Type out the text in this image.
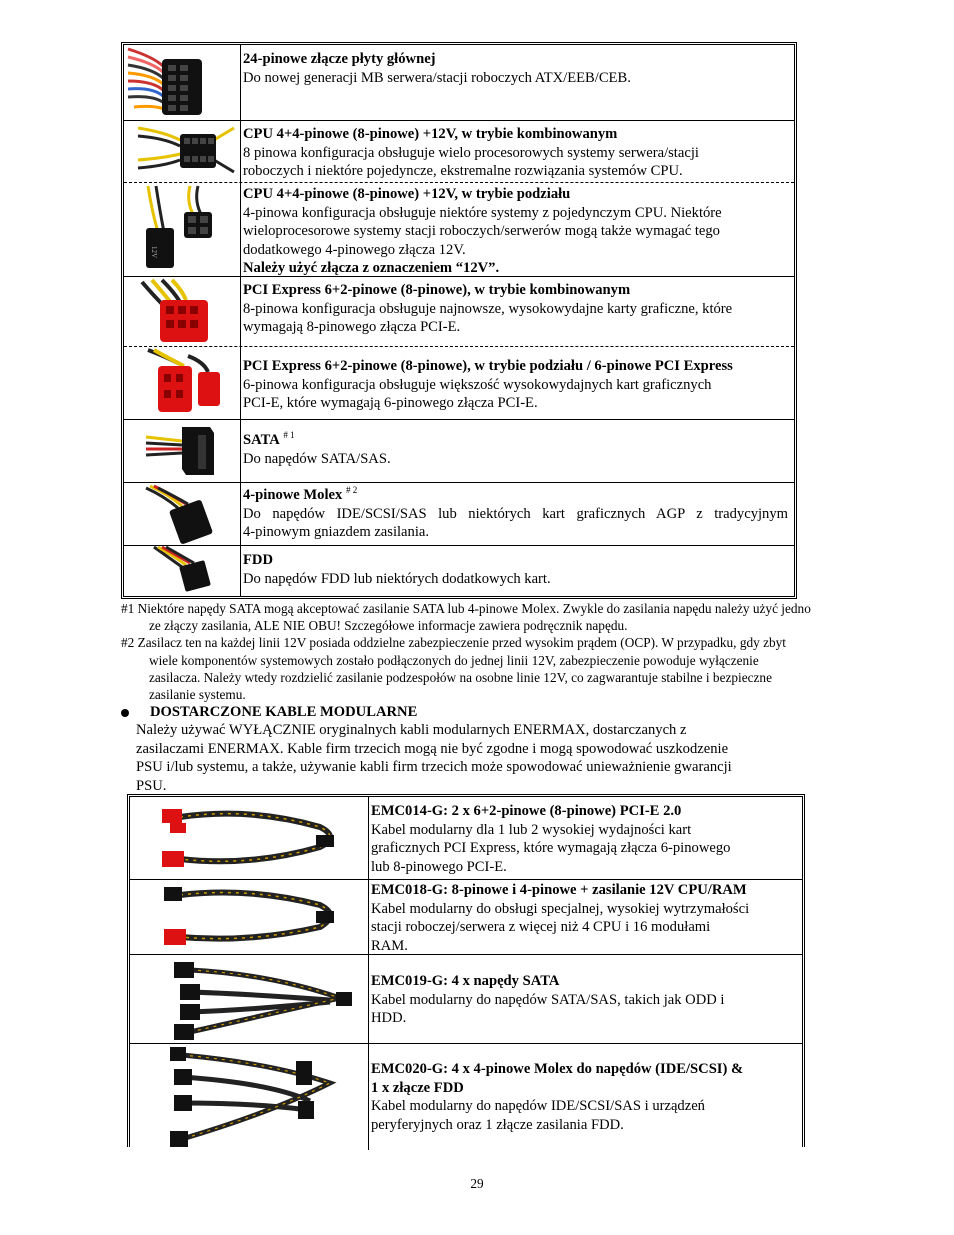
24-pinowe złącze płyty głównej
Do nowej generacji MB serwera/stacji roboczych ATX/EEB/CEB.
CPU 4+4-pinowe (8-pinowe) +12V, w trybie kombinowanym
8 pinowa konfiguracja obsługuje wielo procesorowych systemy serwera/stacji
roboczych i niektóre pojedyncze, ekstremalne rozwiązania systemów CPU.
12V
CPU 4+4-pinowe (8-pinowe) +12V, w trybie podziału
4-pinowa konfiguracja obsługuje niektóre systemy z pojedynczym CPU. Niektóre
wieloprocesorowe systemy stacji roboczych/serwerów mogą także wymagać tego
dodatkowego 4-pinowego złącza 12V.
Należy użyć złącza z oznaczeniem “12V”.
PCI Express 6+2-pinowe (8-pinowe), w trybie kombinowanym
8-pinowa konfiguracja obsługuje najnowsze, wysokowydajne karty graficzne, które
wymagają 8-pinowego złącza PCI-E.
PCI Express 6+2-pinowe (8-pinowe), w trybie podziału / 6-pinowe PCI Express
6-pinowa konfiguracja obsługuje większość wysokowydajnych kart graficznych
PCI-E, które wymagają 6-pinowego złącza PCI-E.
SATA $^{\# 1}$
Do napędów SATA/SAS.
4-pinowe Molex $^{\# 2}$
Do napędów IDE/SCSI/SAS lub niektórych kart graficznych AGP z tradycyjnym
4-pinowym gniazdem zasilania.
FDD
Do napędów FDD lub niektórych dodatkowych kart.

#1 Niektóre napędy SATA mogą akceptować zasilanie SATA lub 4-pinowe Molex. Zwykle do zasilania napędu należy użyć jedno ze złączy zasilania, ALE NIE OBU! Szczegółowe informacje zawiera podręcznik napędu.

#2 Zasilacz ten na każdej linii 12V posiada oddzielne zabezpieczenie przed wysokim prądem (OCP). W przypadku, gdy zbyt wiele komponentów systemowych zostało podłączonych do jednej linii 12V, zabezpieczenie powoduje wyłączenie zasilacza. Należy wtedy rozdzielić zasilanie podzespołów na osobne linie 12V, co zagwarantuje stabilne i bezpieczne zasilanie systemu.

DOSTARCZONE KABLE MODULARNE
Należy używać WYŁĄCZNIE oryginalnych kabli modularnych ENERMAX, dostarczanych z
zasilaczami ENERMAX. Kable firm trzecich mogą nie być zgodne i mogą spowodować uszkodzenie
PSU i/lub systemu, a także, używanie kabli firm trzecich może spowodować unieważnienie gwarancji
PSU.
EMC014-G: 2 x 6+2-pinowe (8-pinowe) PCI-E 2.0
Kabel modularny dla 1 lub 2 wysokiej wydajności kart
graficznych PCI Express, które wymagają złącza 6-pinowego
lub 8-pinowego PCI-E.
EMC018-G: 8-pinowe i 4-pinowe + zasilanie 12V CPU/RAM
Kabel modularny do obsługi specjalnej, wysokiej wytrzymałości
stacji roboczej/serwera z więcej niż 4 CPU i 16 modułami
RAM.
EMC019-G: 4 x napędy SATA
Kabel modularny do napędów SATA/SAS, takich jak ODD i
HDD.
EMC020-G: 4 x 4-pinowe Molex do napędów (IDE/SCSI) &
1 x złącze FDD
Kabel modularny do napędów IDE/SCSI/SAS i urządzeń
peryferyjnych oraz 1 złącze zasilania FDD.
29
